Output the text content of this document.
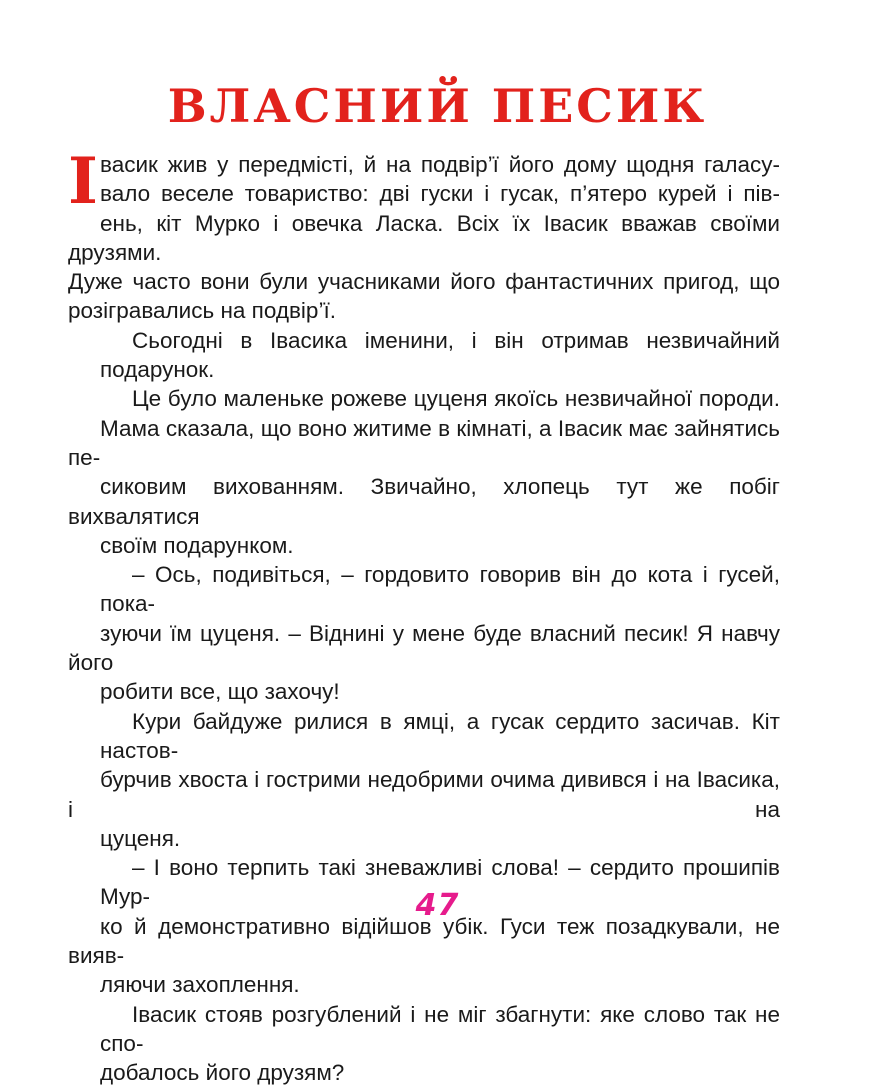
ВЛАСНИЙ ПЕСИК
І васик жив у передмісті, й на подвір’ї його дому щодня галасу-
вало веселе товариство: дві гуски і гусак, п’ятеро курей і пів-
ень, кіт Мурко і овечка Ласка. Всіх їх Івасик вважав своїми друзями.
Дуже часто вони були учасниками його фантастичних пригод, що
розігравались на подвір’ї.
Сьогодні в Івасика іменини, і він отримав незвичайний подарунок.
Це було маленьке рожеве цуценя якоїсь незвичайної породи.
Мама сказала, що воно житиме в кімнаті, а Івасик має зайнятись пе-
сиковим вихованням. Звичайно, хлопець тут же побіг вихвалятися
своїм подарунком.
– Ось, подивіться, – гордовито говорив він до кота і гусей, пока-
зуючи їм цуценя. – Віднині у мене буде власний песик! Я навчу його
робити все, що захочу!
Кури байдуже рилися в ямці, а гусак сердито засичав. Кіт настов-
бурчив хвоста і гострими недобрими очима дивився і на Івасика, і на
цуценя.
– І воно терпить такі зневажливі слова! – сердито прошипів Мур-
ко й демонстративно відійшов убік. Гуси теж позадкували, не вияв-
ляючи захоплення.
Івасик стояв розгублений і не міг збагнути: яке слово так не спо-
добалось його друзям?
47
